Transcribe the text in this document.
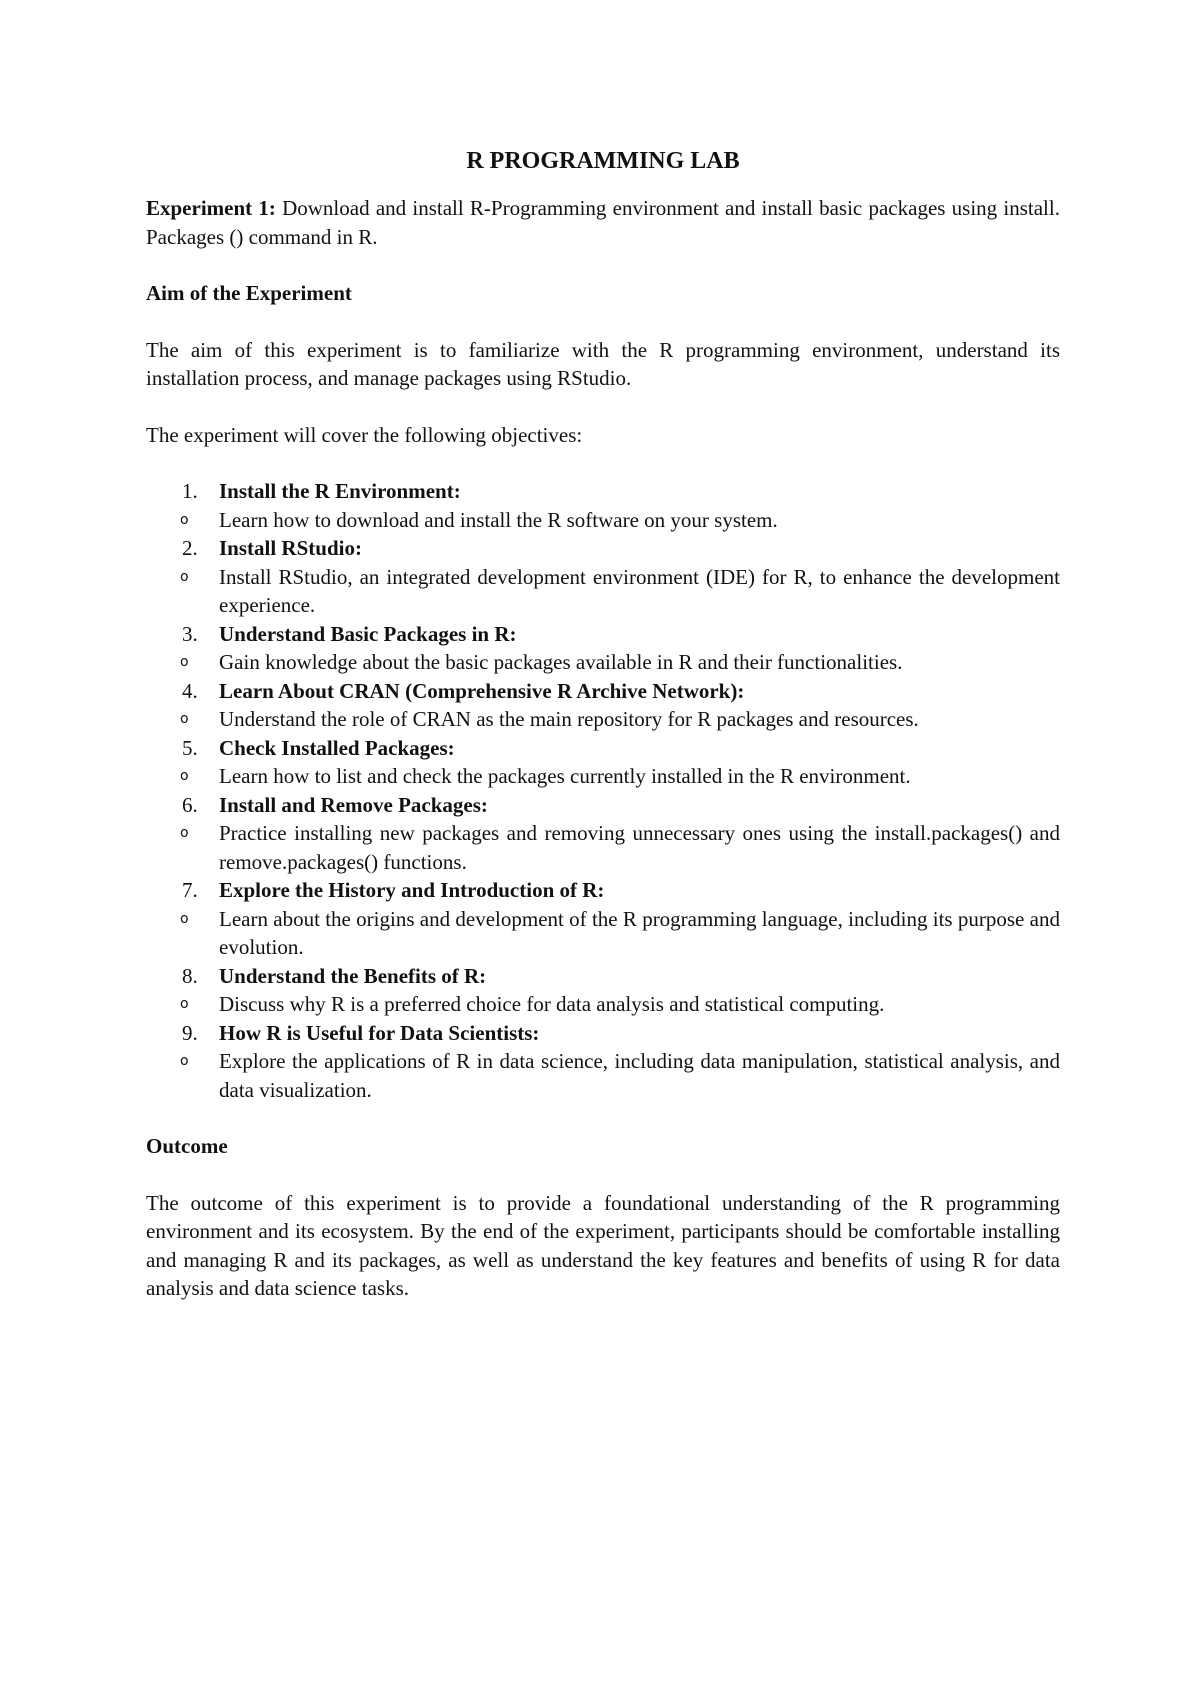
R PROGRAMMING LAB

Experiment 1: Download and install R-Programming environment and install basic packages using install. Packages () command in R.

Aim of the Experiment

The aim of this experiment is to familiarize with the R programming environment, understand its installation process, and manage packages using RStudio.

The experiment will cover the following objectives:

1. Install the R Environment:
o Learn how to download and install the R software on your system.
2. Install RStudio:
o Install RStudio, an integrated development environment (IDE) for R, to enhance the development experience.
3. Understand Basic Packages in R:
o Gain knowledge about the basic packages available in R and their functionalities.
4. Learn About CRAN (Comprehensive R Archive Network):
o Understand the role of CRAN as the main repository for R packages and resources.
5. Check Installed Packages:
o Learn how to list and check the packages currently installed in the R environment.
6. Install and Remove Packages:
o Practice installing new packages and removing unnecessary ones using the install.packages() and remove.packages() functions.
7. Explore the History and Introduction of R:
o Learn about the origins and development of the R programming language, including its purpose and evolution.
8. Understand the Benefits of R:
o Discuss why R is a preferred choice for data analysis and statistical computing.
9. How R is Useful for Data Scientists:
o Explore the applications of R in data science, including data manipulation, statistical analysis, and data visualization.

Outcome

The outcome of this experiment is to provide a foundational understanding of the R programming environment and its ecosystem. By the end of the experiment, participants should be comfortable installing and managing R and its packages, as well as understand the key features and benefits of using R for data analysis and data science tasks.
